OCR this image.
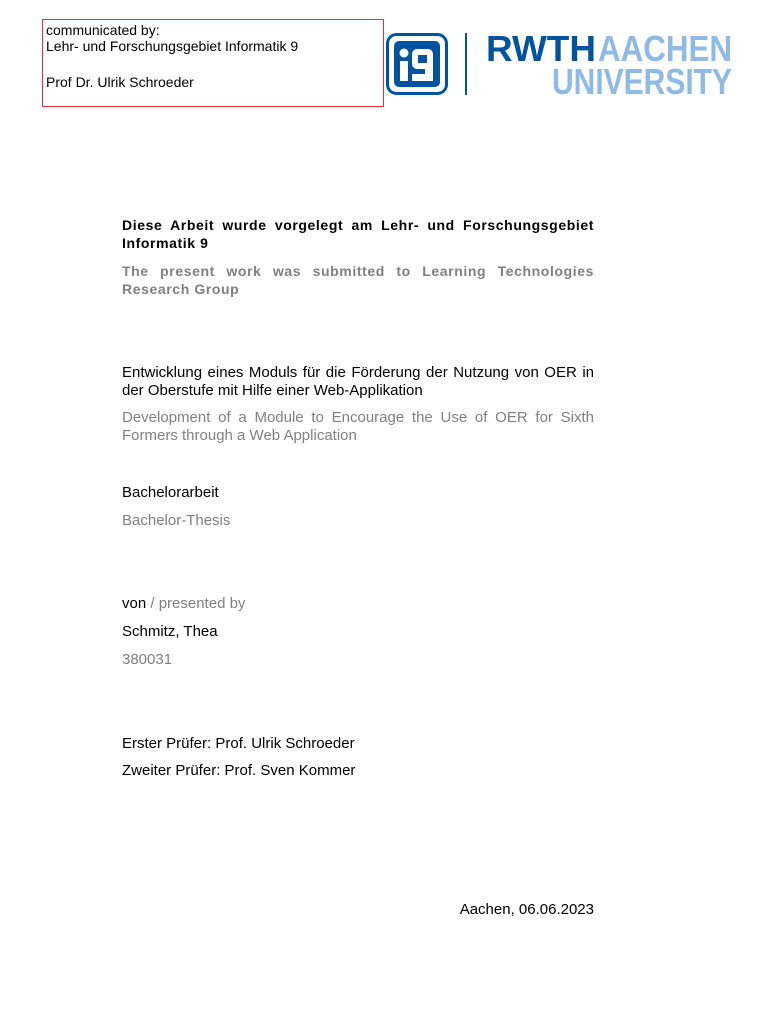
communicated by:
Lehr- und Forschungsgebiet Informatik 9
Prof Dr. Ulrik Schroeder
RWTH AACHEN
UNIVERSITY
Diese Arbeit wurde vorgelegt am Lehr- und Forschungsgebiet Informatik 9
The present work was submitted to Learning Technologies Research Group
Entwicklung eines Moduls für die Förderung der Nutzung von OER in der Oberstufe mit Hilfe einer Web-Applikation
Development of a Module to Encourage the Use of OER for Sixth Formers through a Web Application
Bachelorarbeit
Bachelor-Thesis
von / presented by
Schmitz, Thea
380031
Erster Prüfer: Prof. Ulrik Schroeder
Zweiter Prüfer: Prof. Sven Kommer
Aachen, 06.06.2023
